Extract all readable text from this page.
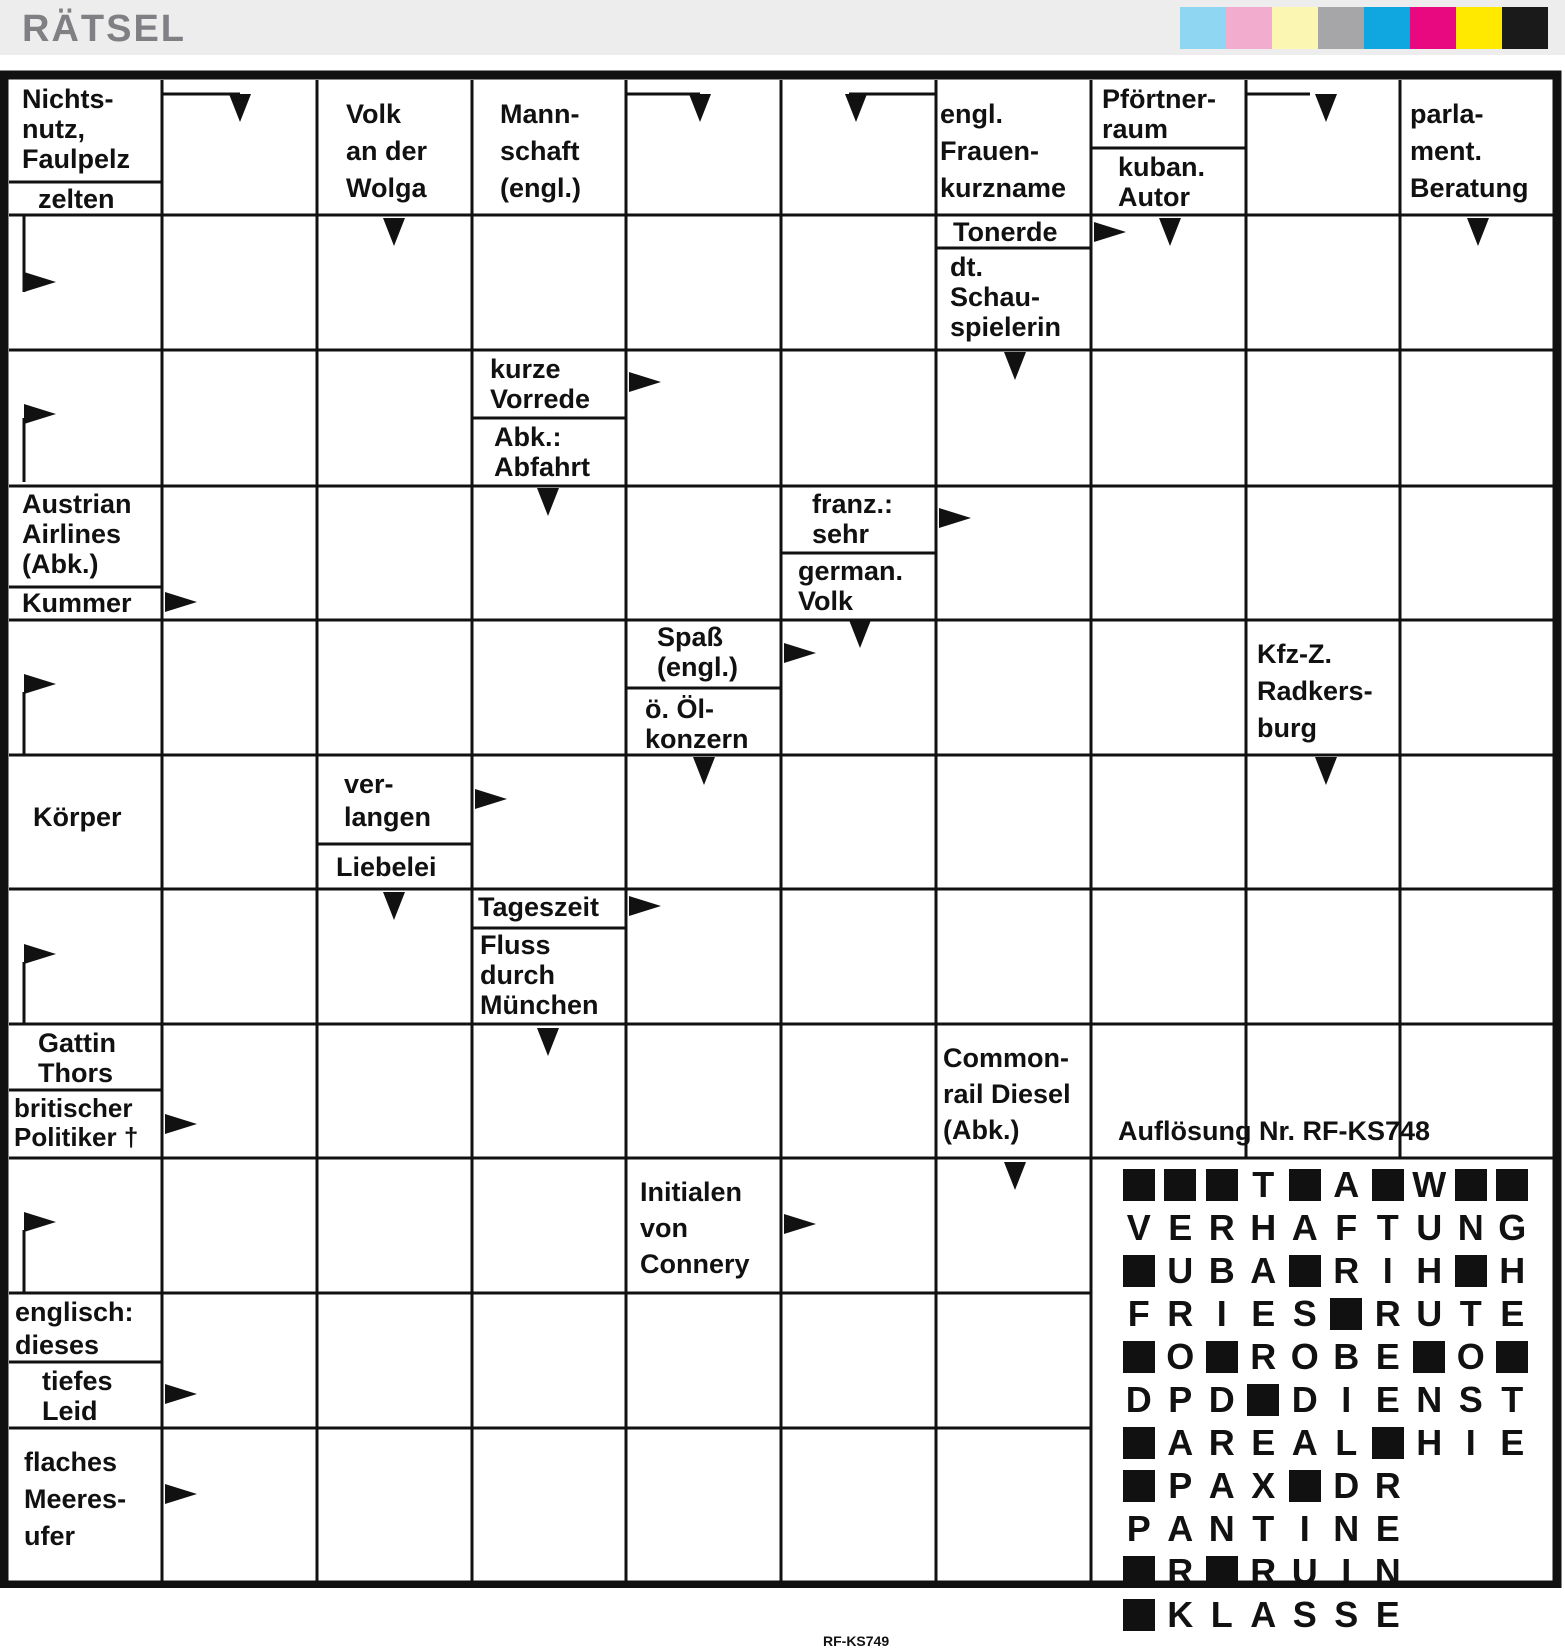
RÄTSEL
Nichts-
nutz,
Faulpelz
zelten
Volk
an der
Wolga
Mann-
schaft
(engl.)
engl.
Frauen-
kurzname
Pförtner-
raum
kuban.
Autor
parla-
ment.
Beratung
Tonerde
dt.
Schau-
spielerin
kurze
Vorrede
Abk.:
Abfahrt
Austrian
Airlines
(Abk.)
Kummer
franz.:
sehr
german.
Volk
Spaß
(engl.)
ö. Öl-
konzern
Kfz-Z.
Radkers-
burg
Körper
ver-
langen
Liebelei
Tageszeit
Fluss
durch
München
Gattin
Thors
britischer
Politiker †
Common-
rail Diesel
(Abk.)
Initialen
von
Connery
englisch:
dieses
tiefes
Leid
flaches
Meeres-
ufer
Auflösung Nr. RF-KS748
T A W
V E R H A F T U N G
U B A R I H H
F R I E S R U T E
O R O B E O
D P D D I E N S T
A R E A L H I E
P A X D R
P A N T I N E
R R U I N
K L A S S E
RF-KS749
